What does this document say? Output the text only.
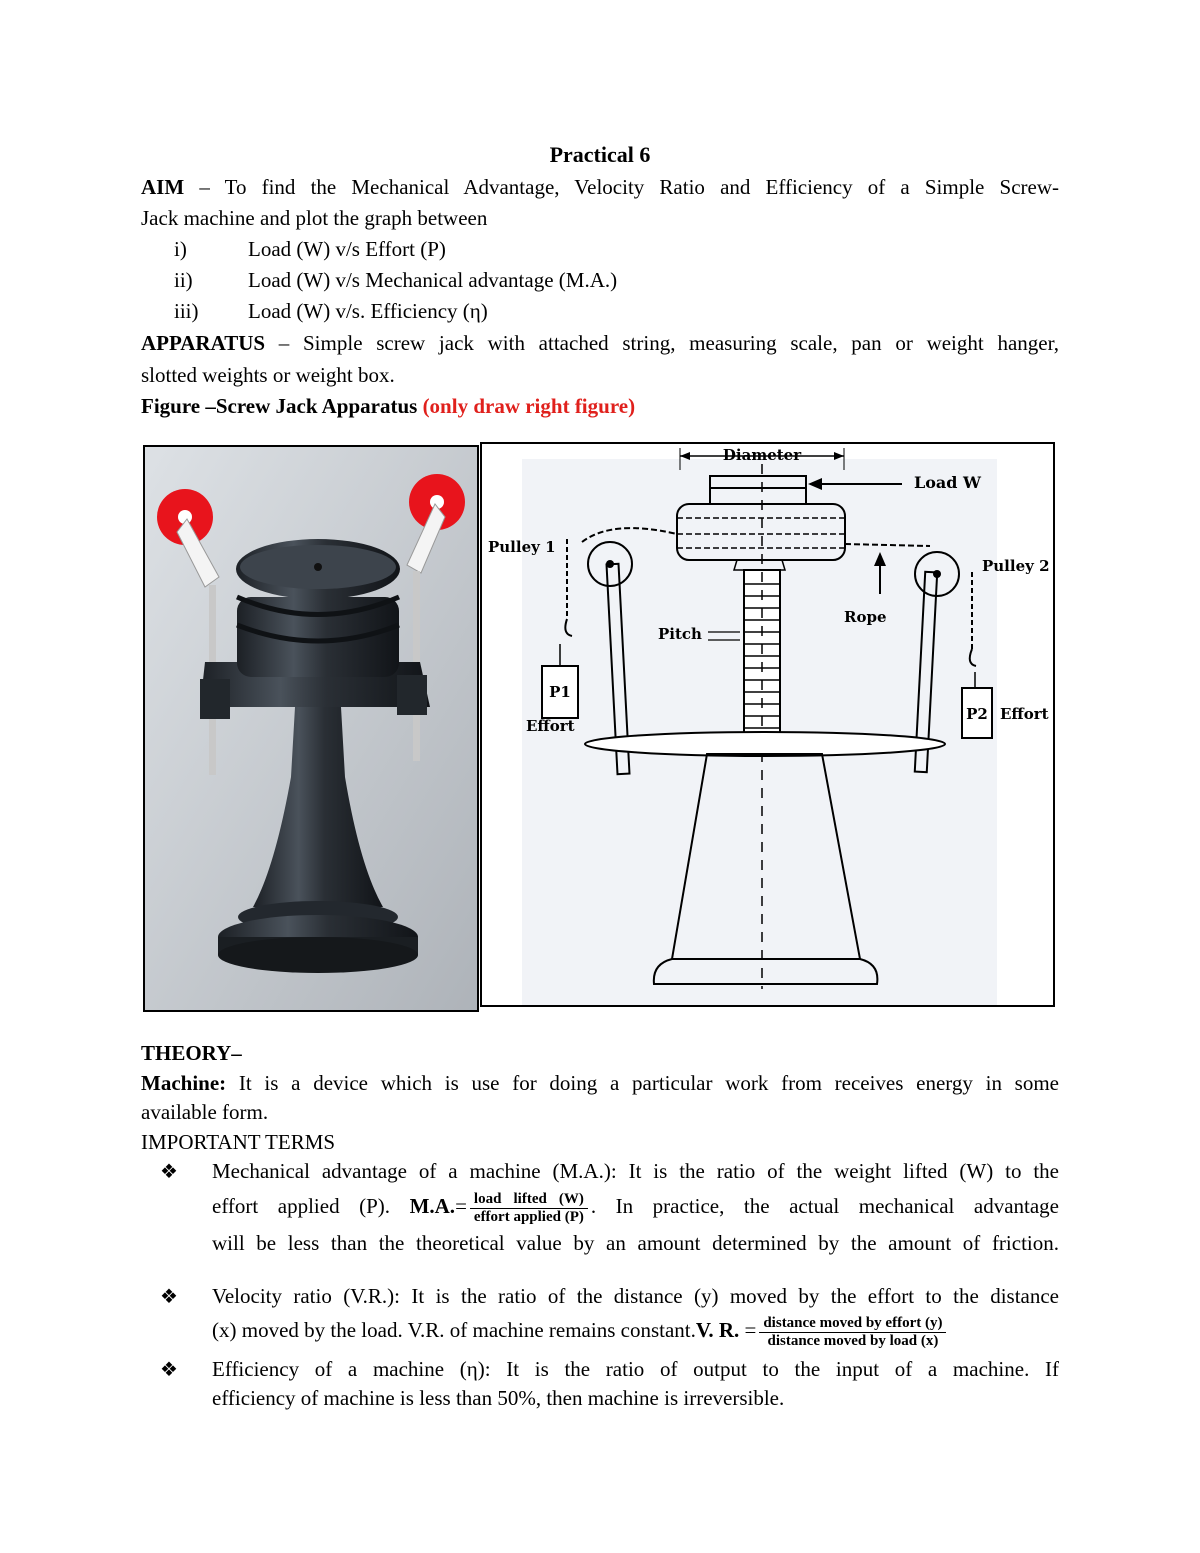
Practical 6
AIM – To find the Mechanical Advantage, Velocity Ratio and Efficiency of a Simple Screw-
Jack machine and plot the graph between
i)	Load (W) v/s Effort (P)
ii)	Load (W) v/s Mechanical advantage (M.A.)
iii) Load (W) v/s. Efficiency (η)
APPARATUS – Simple screw jack with attached string, measuring scale, pan or weight hanger,
slotted weights or weight box.
Figure –Screw Jack Apparatus (only draw right figure)
Diameter
Load W
P1
Effort
Pulley 1
P2 Effort
Pulley 2
Rope
Pitch
THEORY–
Machine: It is a device which is use for doing a particular work from receives energy in some
available form.
IMPORTANT TERMS
❖ Mechanical advantage of a machine (M.A.): It is the ratio of the weight lifted (W) to the
effort applied (P). $M.A.= \frac{\text{load lifted (W)}}{\text{effort applied (P)}}$ . In practice, the actual mechanical advantage
will be less than the theoretical value by an amount determined by the amount of friction.
❖ Velocity ratio (V.R.): It is the ratio of the distance (y) moved by the effort to the distance
(x) moved by the load. V.R. of machine remains constant.V. R. = $\frac{\text{distance moved by effort (y)}}{\text{distance moved by load (x)}}$
❖ Efficiency of a machine (η): It is the ratio of output to the input of a machine. If
efficiency of machine is less than 50%, then machine is irreversible.
